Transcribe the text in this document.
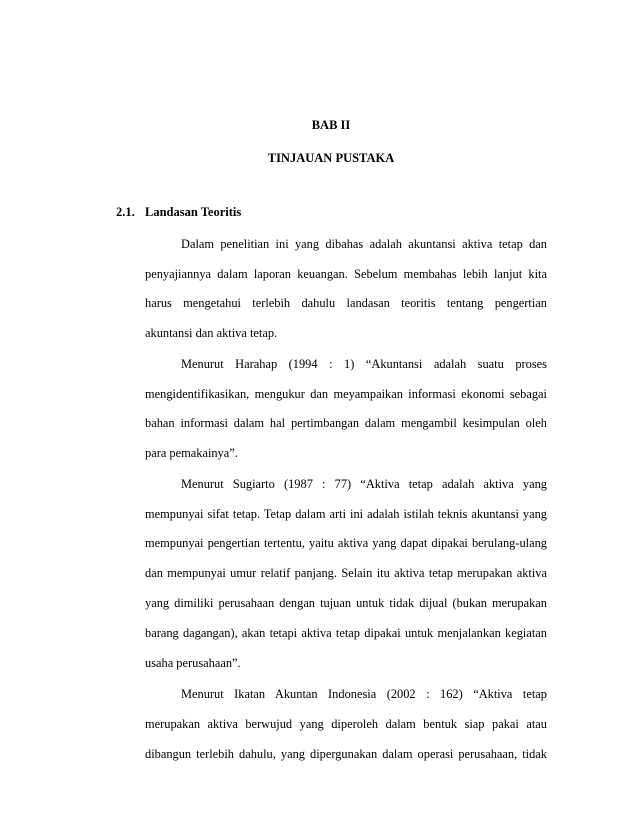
BAB II
TINJAUAN PUSTAKA
2.1. Landasan Teoritis
Dalam penelitian ini yang dibahas adalah akuntansi aktiva tetap dan
penyajiannya dalam laporan keuangan. Sebelum membahas lebih lanjut kita
harus mengetahui terlebih dahulu landasan teoritis tentang pengertian
akuntansi dan aktiva tetap.
Menurut Harahap (1994 : 1) “Akuntansi adalah suatu proses
mengidentifikasikan, mengukur dan meyampaikan informasi ekonomi sebagai
bahan informasi dalam hal pertimbangan dalam mengambil kesimpulan oleh
para pemakainya”.
Menurut Sugiarto (1987 : 77) “Aktiva tetap adalah aktiva yang
mempunyai sifat tetap. Tetap dalam arti ini adalah istilah teknis akuntansi yang
mempunyai pengertian tertentu, yaitu aktiva yang dapat dipakai berulang-ulang
dan mempunyai umur relatif panjang. Selain itu aktiva tetap merupakan aktiva
yang dimiliki perusahaan dengan tujuan untuk tidak dijual (bukan merupakan
barang dagangan), akan tetapi aktiva tetap dipakai untuk menjalankan kegiatan
usaha perusahaan”.
Menurut Ikatan Akuntan Indonesia (2002 : 162) “Aktiva tetap
merupakan aktiva berwujud yang diperoleh dalam bentuk siap pakai atau
dibangun terlebih dahulu, yang dipergunakan dalam operasi perusahaan, tidak
